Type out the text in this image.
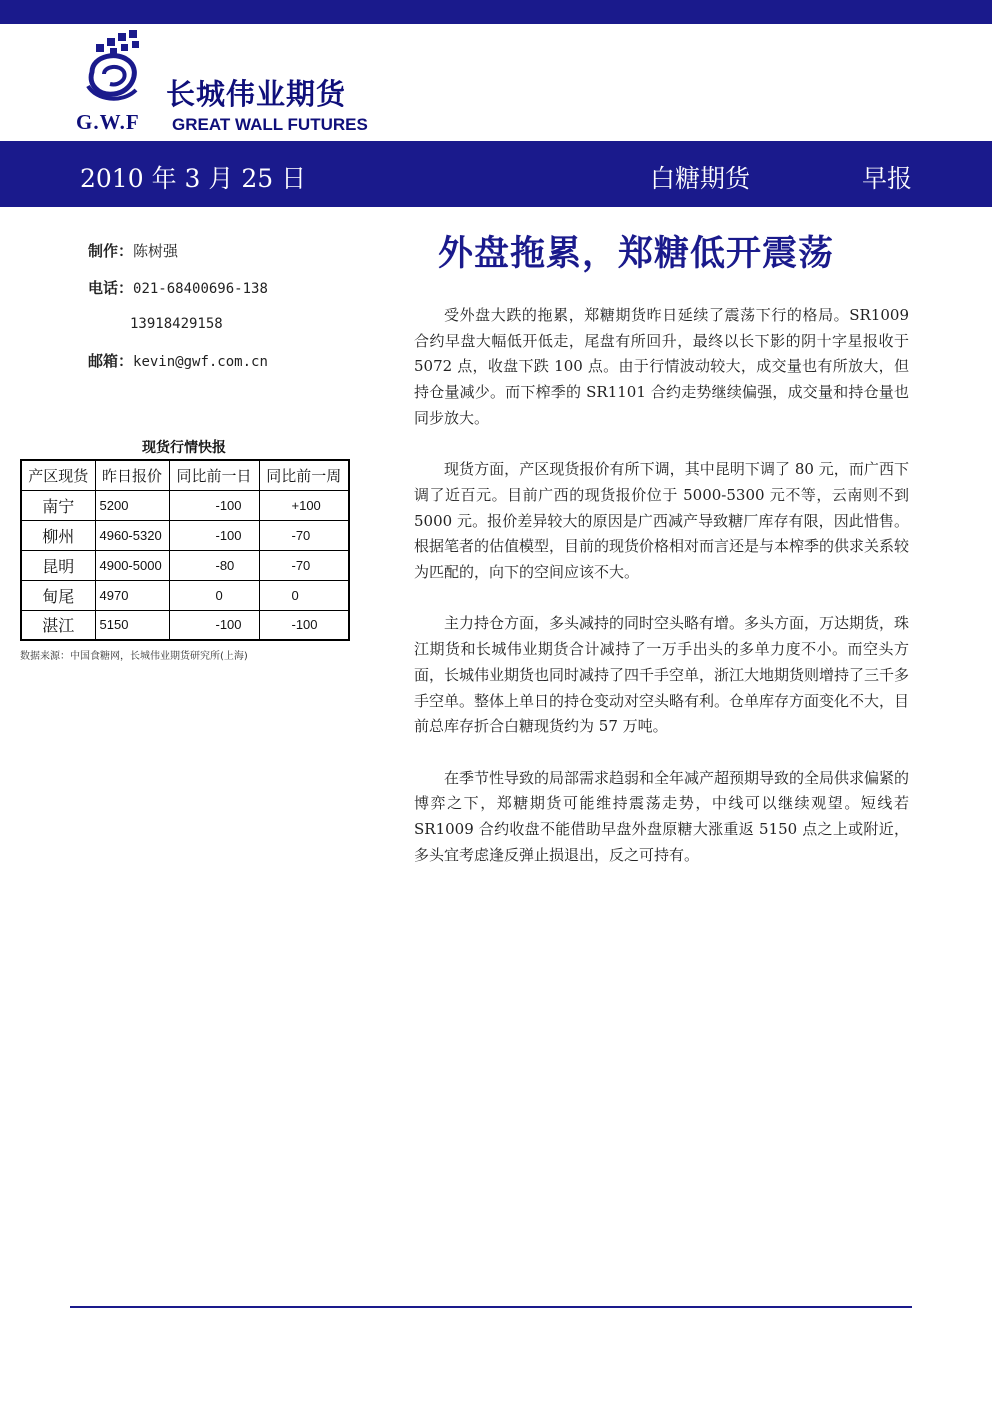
长城伟业期货
G.W.F GREAT WALL FUTURES
2010 年 3 月 25 日	白糖期货	早报
制作：陈树强
电话：021-68400696-138
13918429158
邮箱：kevin@gwf.com.cn
现货行情快报
产区现货	昨日报价	同比前一日	同比前一周
南宁	5200	-100	+100
柳州	4960-5320	-100	-70
昆明	4900-5000	-80	-70
甸尾	4970	0	0
湛江	5150	-100	-100
数据来源：中国食糖网，长城伟业期货研究所(上海)
外盘拖累，郑糖低开震荡

受外盘大跌的拖累，郑糖期货昨日延续了震荡下行的格局。SR1009 合约早盘大幅低开低走，尾盘有所回升，最终以长下影的阴十字星报收于 5072 点，收盘下跌 100 点。由于行情波动较大，成交量也有所放大，但持仓量减少。而下榨季的 SR1101 合约走势继续偏强，成交量和持仓量也同步放大。

现货方面，产区现货报价有所下调，其中昆明下调了 80 元，而广西下调了近百元。目前广西的现货报价位于 5000-5300 元不等，云南则不到 5000 元。报价差异较大的原因是广西减产导致糖厂库存有限，因此惜售。根据笔者的估值模型，目前的现货价格相对而言还是与本榨季的供求关系较为匹配的，向下的空间应该不大。

主力持仓方面，多头减持的同时空头略有增。多头方面，万达期货，珠江期货和长城伟业期货合计减持了一万手出头的多单力度不小。而空头方面，长城伟业期货也同时减持了四千手空单，浙江大地期货则增持了三千多手空单。整体上单日的持仓变动对空头略有利。仓单库存方面变化不大，目前总库存折合白糖现货约为 57 万吨。

在季节性导致的局部需求趋弱和全年减产超预期导致的全局供求偏紧的博弈之下，郑糖期货可能维持震荡走势，中线可以继续观望。短线若 SR1009 合约收盘不能借助早盘外盘原糖大涨重返 5150 点之上或附近，多头宜考虑逢反弹止损退出，反之可持有。
